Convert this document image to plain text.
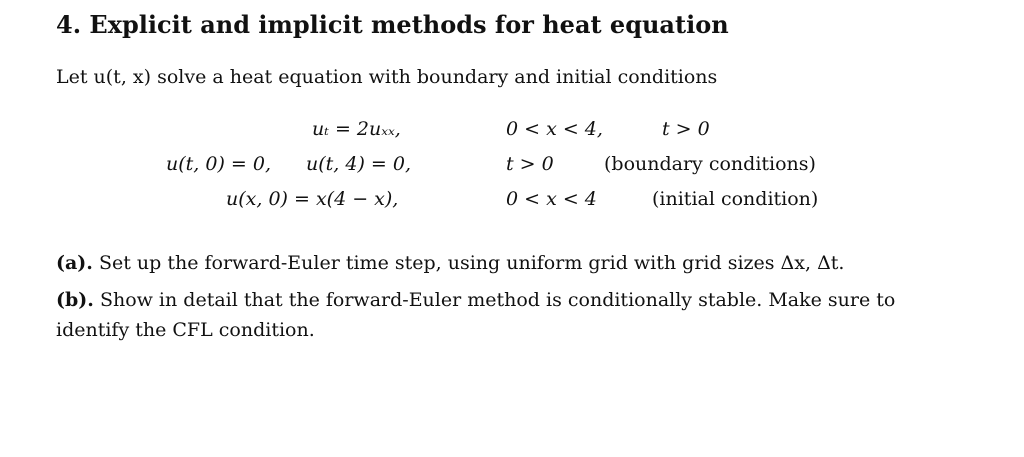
4. Explicit and implicit methods for heat equation
Let u(t, x) solve a heat equation with boundary and initial conditions
uₜ = 2uₓₓ,	0 < x < 4,	t > 0
u(t, 0) = 0, u(t, 4) = 0,	t > 0	(boundary conditions)
u(x, 0) = x(4 − x),	0 < x < 4	(initial condition)
(a). Set up the forward-Euler time step, using uniform grid with grid sizes Δx, Δt.
(b). Show in detail that the forward-Euler method is conditionally stable. Make sure to identify the CFL condition.
